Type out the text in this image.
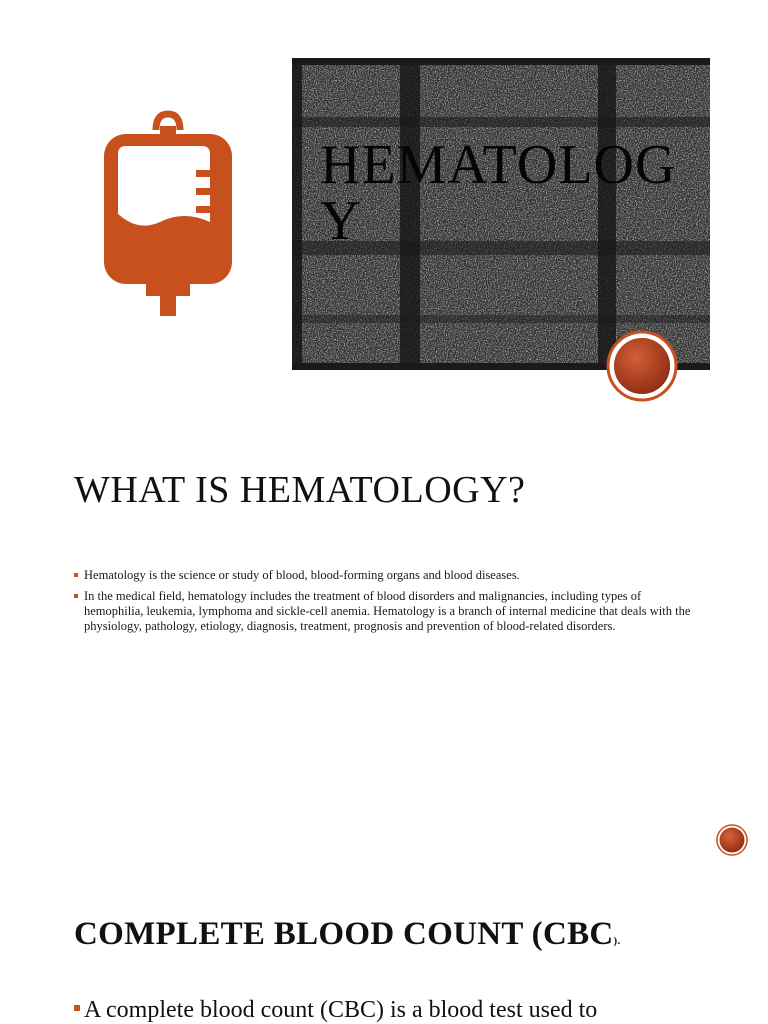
HEMATOLOGY
WHAT IS HEMATOLOGY?
Hematology is the science or study of blood, blood-forming organs and blood diseases.
In the medical field, hematology includes the treatment of blood disorders and malignancies, including types of hemophilia, leukemia, lymphoma and sickle-cell anemia. Hematology is a branch of internal medicine that deals with the physiology, pathology, etiology, diagnosis, treatment, prognosis and prevention of blood-related disorders.
COMPLETE BLOOD COUNT (CBC).

A complete blood count (CBC) is a blood test used to
